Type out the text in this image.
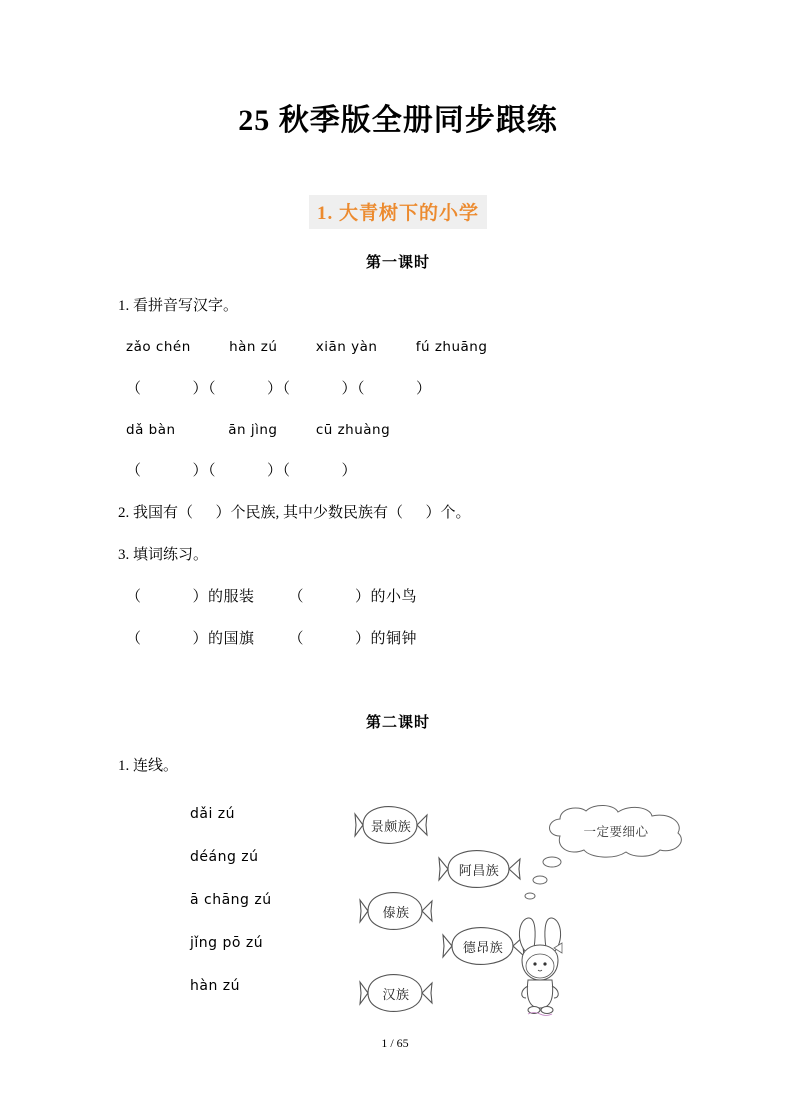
25 秋季版全册同步跟练
1. 大青树下的小学
第一课时
1. 看拼音写汉字。
zǎo chén        hàn zú        xiān yàn        fú zhuāng
（            ）（            ）（            ）（            ）
dǎ bàn           ān jìng        cū zhuàng
（            ）（            ）（            ）
2. 我国有（      ）个民族, 其中少数民族有（      ）个。
3. 填词练习。
（            ）的服装        （            ）的小鸟
（            ）的国旗        （            ）的铜钟
第二课时
1. 连线。
dǎi zú
déáng zú
ā chāng zú
jǐng pō zú
hàn zú
景颇族
阿昌族
傣族
德昂族
汉族
一定要细心
1 / 65
